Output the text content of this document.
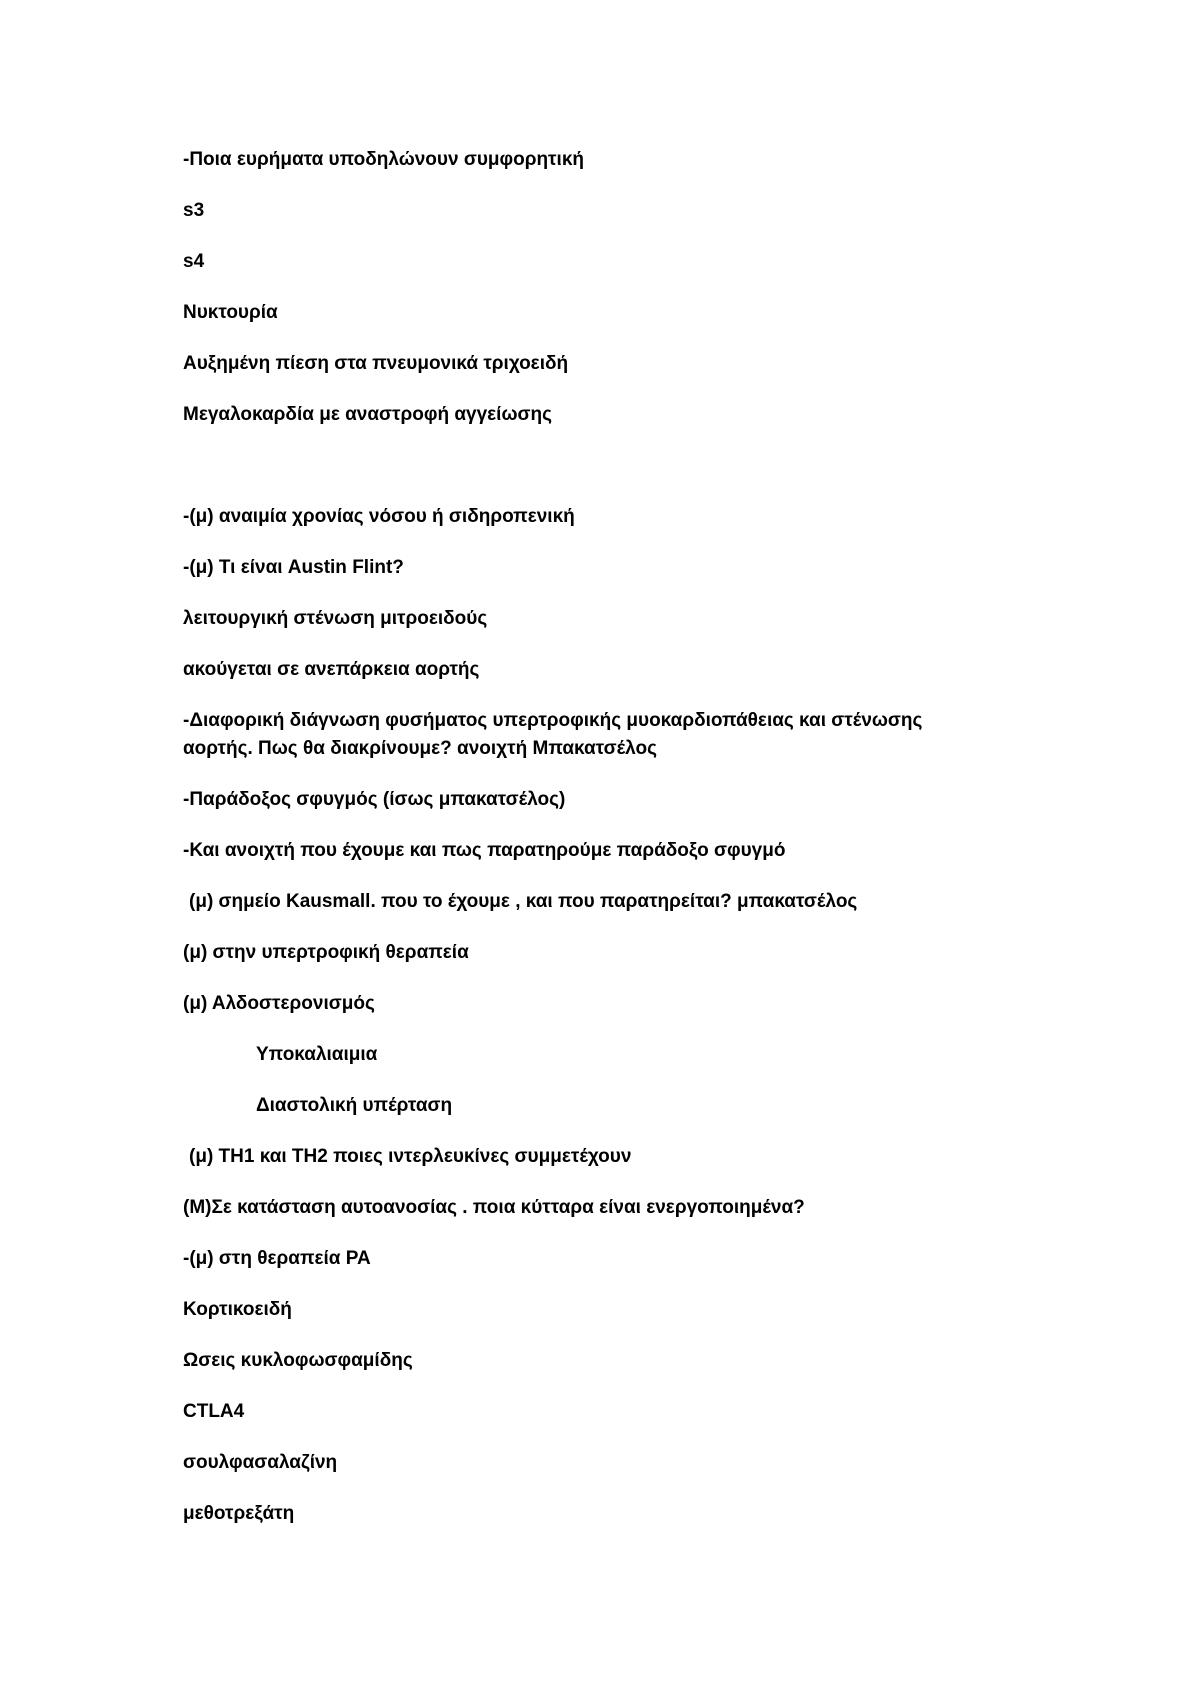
-Ποια ευρήματα υποδηλώνουν συμφορητική
s3
s4
Νυκτουρία
Αυξημένη πίεση στα πνευμονικά τριχοειδή
Μεγαλοκαρδία με αναστροφή αγγείωσης
-(μ) αναιμία χρονίας νόσου ή σιδηροπενική
-(μ) Τι είναι Austin Flint?
λειτουργική στένωση μιτροειδούς
ακούγεται σε ανεπάρκεια αορτής
-Διαφορική διάγνωση φυσήματος υπερτροφικής μυοκαρδιοπάθειας και στένωσης αορτής. Πως θα διακρίνουμε? ανοιχτή Μπακατσέλος
-Παράδοξος σφυγμός (ίσως μπακατσέλος)
-Και ανοιχτή που έχουμε και πως παρατηρούμε παράδοξο σφυγμό
(μ) σημείο Kausmall. που το έχουμε , και που παρατηρείται? μπακατσέλος
(μ) στην υπερτροφική θεραπεία
(μ) Αλδοστερονισμός
Υποκαλιαιμια
Διαστολική υπέρταση
(μ) TH1 και TH2 ποιες ιντερλευκίνες συμμετέχουν
(Μ)Σε κατάσταση αυτοανοσίας . ποια κύτταρα είναι ενεργοποιημένα?
-(μ) στη θεραπεία ΡΑ
Κορτικοειδή
Ωσεις κυκλοφωσφαμίδης
CTLA4
σουλφασαλαζίνη
μεθοτρεξάτη
